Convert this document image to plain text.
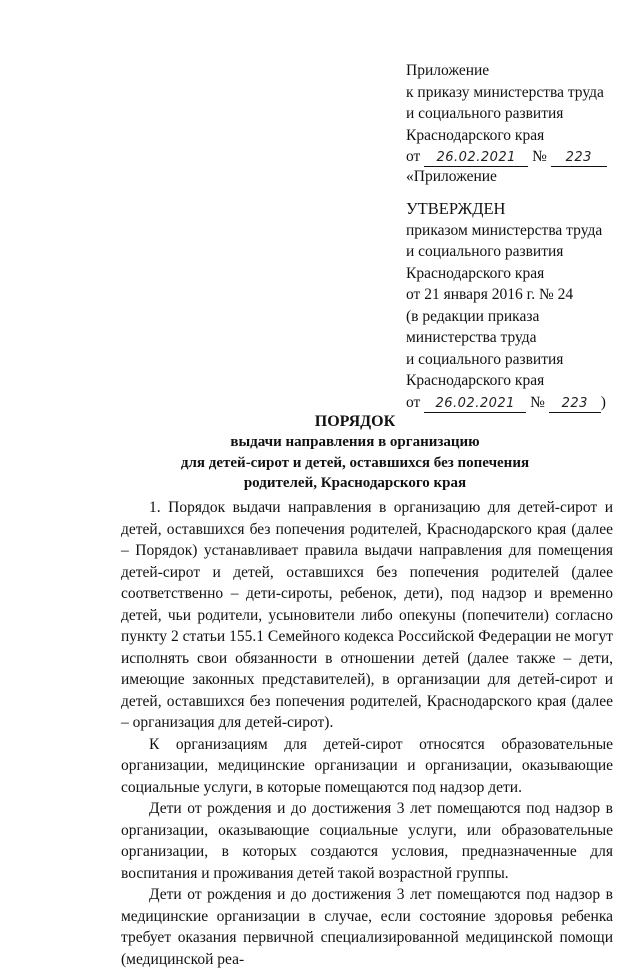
Приложение
к приказу министерства труда
и социального развития
Краснодарского края
от 26.02.2021 № 223
«Приложение
УТВЕРЖДЕН
приказом министерства труда
и социального развития
Краснодарского края
от 21 января 2016 г. № 24
(в редакции приказа
министерства труда
и социального развития
Краснодарского края
от 26.02.2021 № 223 )
ПОРЯДОК
выдачи направления в организацию
для детей-сирот и детей, оставшихся без попечения
родителей, Краснодарского края

1. Порядок выдачи направления в организацию для детей-сирот и детей, оставшихся без попечения родителей, Краснодарского края (далее – Порядок) устанавливает правила выдачи направления для помещения детей-сирот и детей, оставшихся без попечения родителей (далее соответственно – дети-сироты, ребенок, дети), под надзор и временно детей, чьи родители, усыновители либо опекуны (попечители) согласно пункту 2 статьи 155.1 Семейного кодекса Российской Федерации не могут исполнять свои обязанности в отношении детей (далее также – дети, имеющие законных представителей), в организации для детей-сирот и детей, оставшихся без попечения родителей, Краснодарского края (далее – организация для детей-сирот).

К организациям для детей-сирот относятся образовательные организации, медицинские организации и организации, оказывающие социальные услуги, в которые помещаются под надзор дети.

Дети от рождения и до достижения 3 лет помещаются под надзор в организации, оказывающие социальные услуги, или образовательные организации, в которых создаются условия, предназначенные для воспитания и проживания детей такой возрастной группы.

Дети от рождения и до достижения 3 лет помещаются под надзор в медицинские организации в случае, если состояние здоровья ребенка требует оказания первичной специализированной медицинской помощи (медицинской реа-
